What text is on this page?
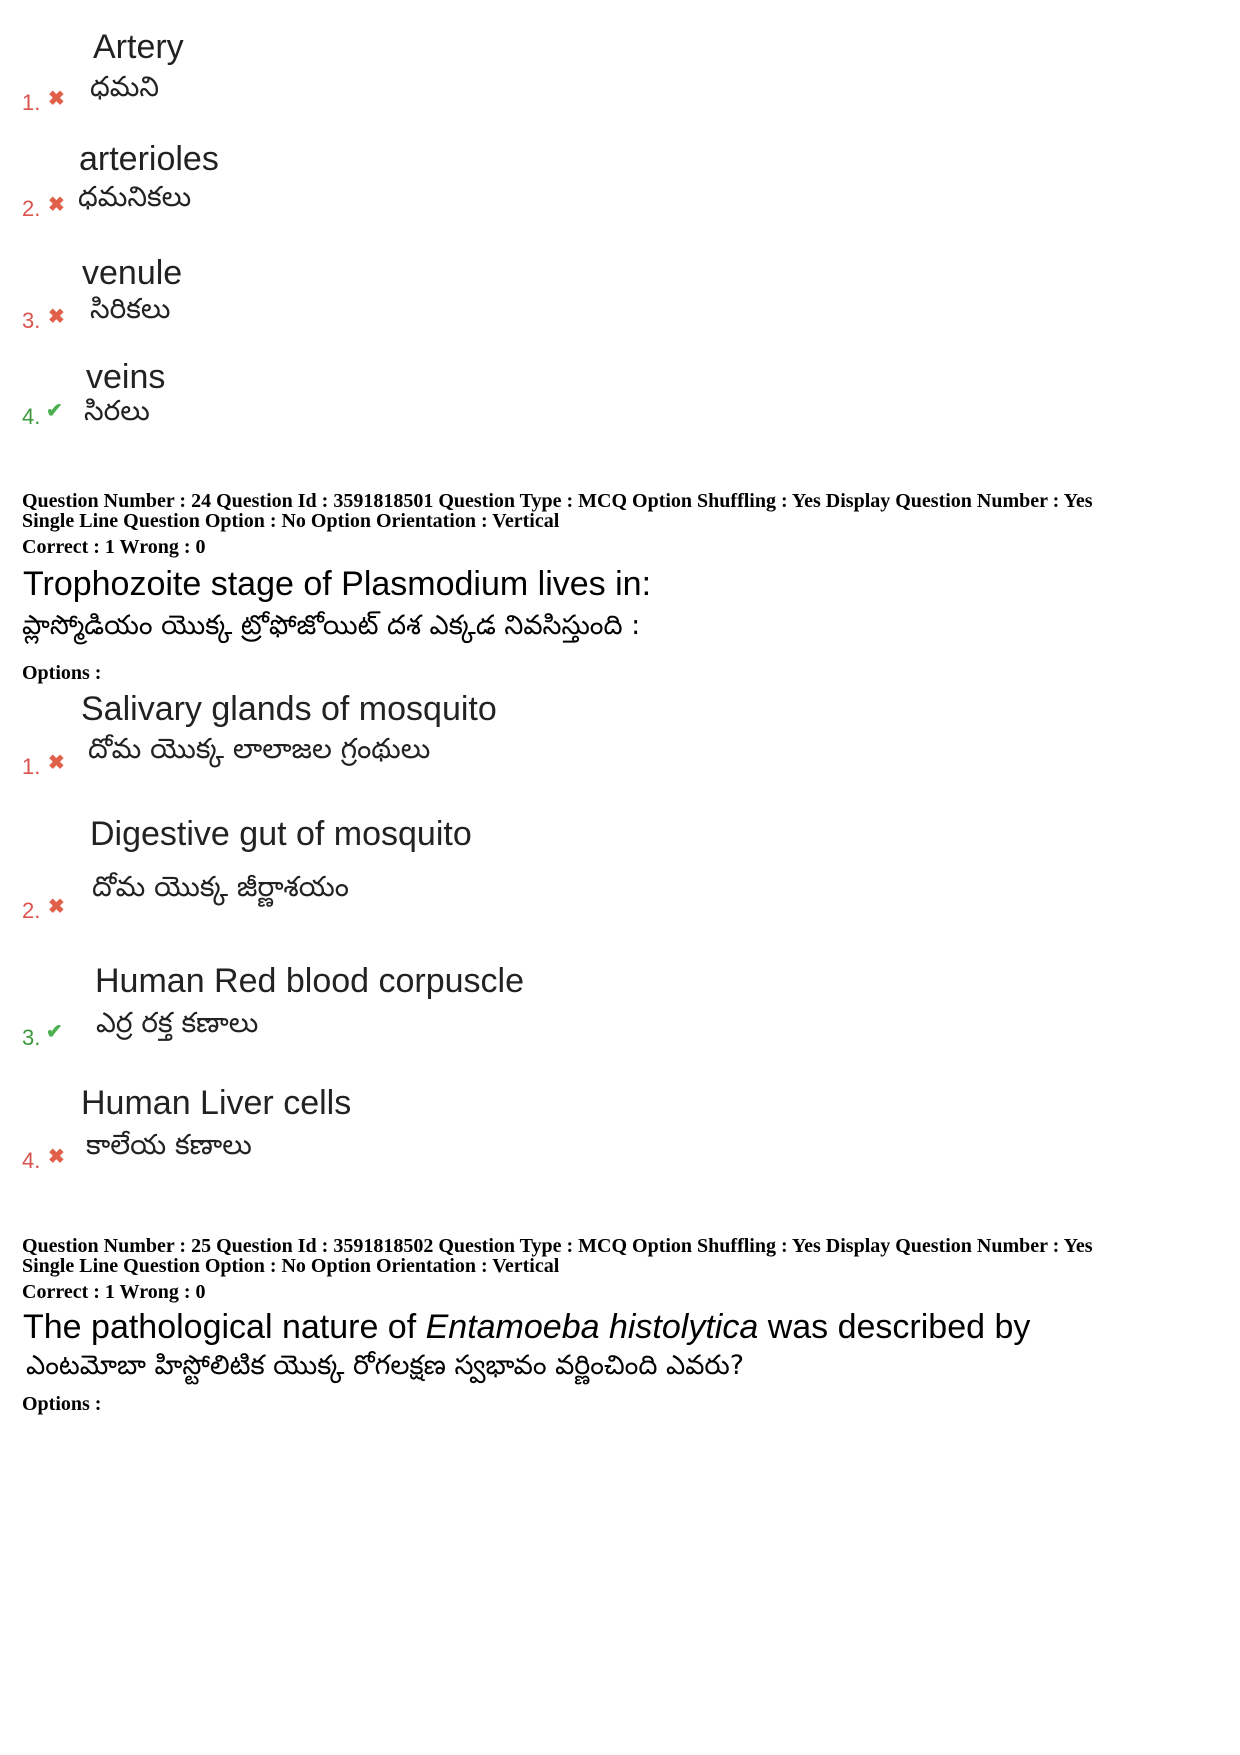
Artery
ధమని
1. ✖
arterioles
ధమనికలు
2. ✖
venule
సిరికలు
3. ✖
veins
సిరలు
4. ✔
Question Number : 24 Question Id : 3591818501 Question Type : MCQ Option Shuffling : Yes Display Question Number : Yes
Single Line Question Option : No Option Orientation : Vertical
Correct : 1 Wrong : 0
Trophozoite stage of Plasmodium lives in:
ప్లాస్మోడియం యొక్క ట్రోఫోజోయిట్ దశ ఎక్కడ నివసిస్తుంది :
Options :
Salivary glands of mosquito
దోమ యొక్క లాలాజల గ్రంథులు
1. ✖
Digestive gut of mosquito
దోమ యొక్క జీర్ణాశయం
2. ✖
Human Red blood corpuscle
ఎర్ర రక్త కణాలు
3. ✔
Human Liver cells
కాలేయ కణాలు
4. ✖
Question Number : 25 Question Id : 3591818502 Question Type : MCQ Option Shuffling : Yes Display Question Number : Yes
Single Line Question Option : No Option Orientation : Vertical
Correct : 1 Wrong : 0
The pathological nature of Entamoeba histolytica was described by
ఎంటమోబా హిస్టోలిటిక యొక్క రోగలక్షణ స్వభావం వర్ణించింది ఎవరు?
Options :
